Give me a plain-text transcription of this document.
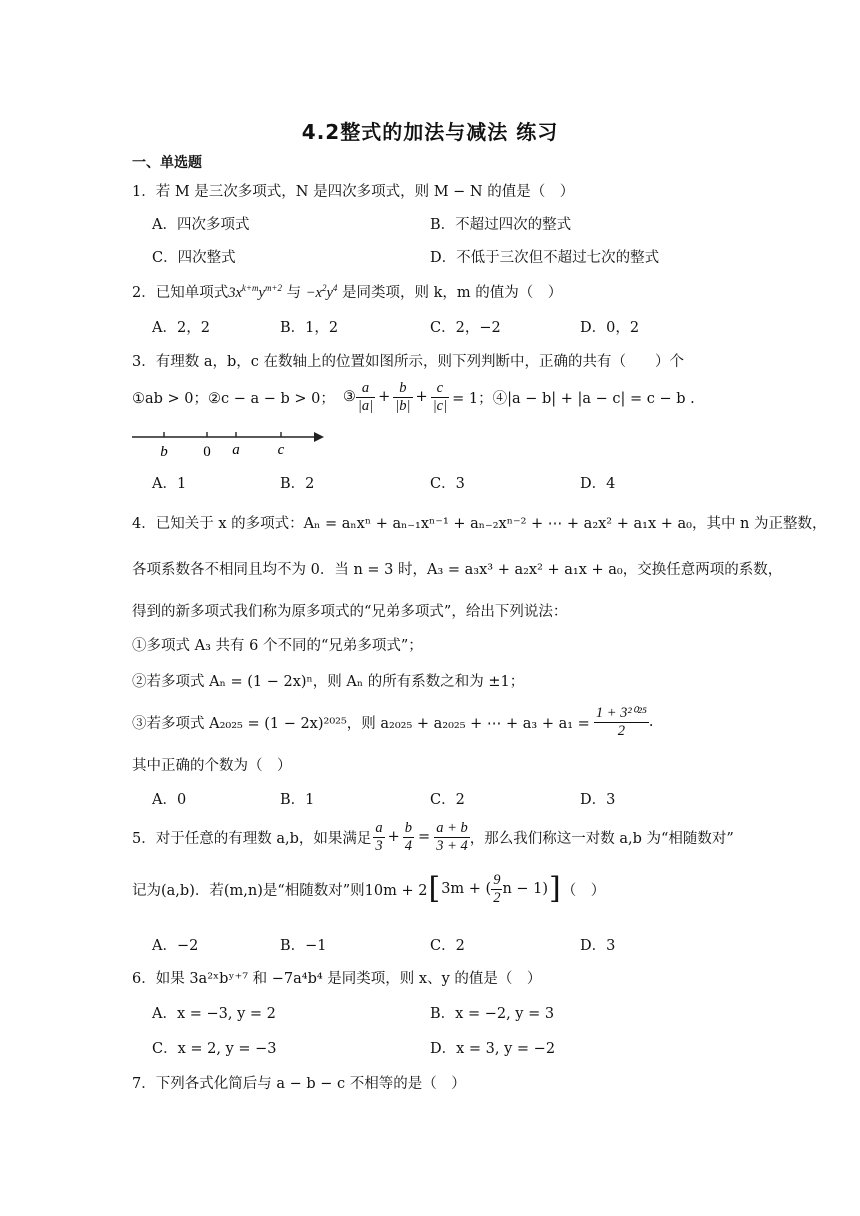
4.2整式的加法与减法 练习
一、单选题
1．若 M 是三次多项式，N 是四次多项式，则 M − N 的值是（　）
A．四次多项式	B．不超过四次的整式
C．四次整式	D．不低于三次但不超过七次的整式
2．已知单项式$3x^{k+m}y^{m+2}$ 与 $-x^2y^4$ 是同类项，则 k，m 的值为（　）
A．2，2	B．1，2	C．2，−2	D．0，2
3．有理数 a，b，c 在数轴上的位置如图所示，则下列判断中，正确的共有（　　）个
①ab > 0；②c − a − b > 0； ③ $\frac{a}{|a|} + \frac{b}{|b|} + \frac{c}{|c|} = 1$；④|a − b| + |a − c| = c − b .
b 0 a	c
A．1	B．2	C．3	D．4
4．已知关于 x 的多项式：Aₙ = aₙxⁿ + aₙ₋₁xⁿ⁻¹ + aₙ₋₂xⁿ⁻² + ⋯ + a₂x² + a₁x + a₀，其中 n 为正整数，
各项系数各不相同且均不为 0．当 n = 3 时，A₃ = a₃x³ + a₂x² + a₁x + a₀，交换任意两项的系数，
得到的新多项式我们称为原多项式的“兄弟多项式”，给出下列说法：
①多项式 A₃ 共有 6 个不同的“兄弟多项式”；
②若多项式 Aₙ = (1 − 2x)ⁿ，则 Aₙ 的所有系数之和为 ±1；
③若多项式 A₂₀₂₅ = (1 − 2x)²⁰²⁵，则 a₂₀₂₅ + a₂₀₂₅ + ⋯ + $a_3 + a_1 = \frac{\text{1 + 3²⁰²⁵}}{2}$ .
其中正确的个数为（　）
A．0	B．1	C．2	D．3
5．对于任意的有理数 a,b，如果满足 $\frac{a}{3} + \frac{b}{4} = \frac{a + b}{3 + 4}$ ，那么我们称这一对数 a,b 为“相随数对”
记为(a,b)．若(m,n)是“相随数对”则10m + 2 [ 3m + ( $\frac{9}{2}$ n − 1) ] （　）
A．−2	B．−1	C．2	D．3
6．如果 3a²ˣbʸ⁺⁷ 和 −7a⁴b⁴ 是同类项，则 x、y 的值是（　）
A．x = −3, y = 2	B．x = −2, y = 3
C．x = 2, y = −3	D．x = 3, y = −2
7．下列各式化简后与 a − b − c 不相等的是（　）
